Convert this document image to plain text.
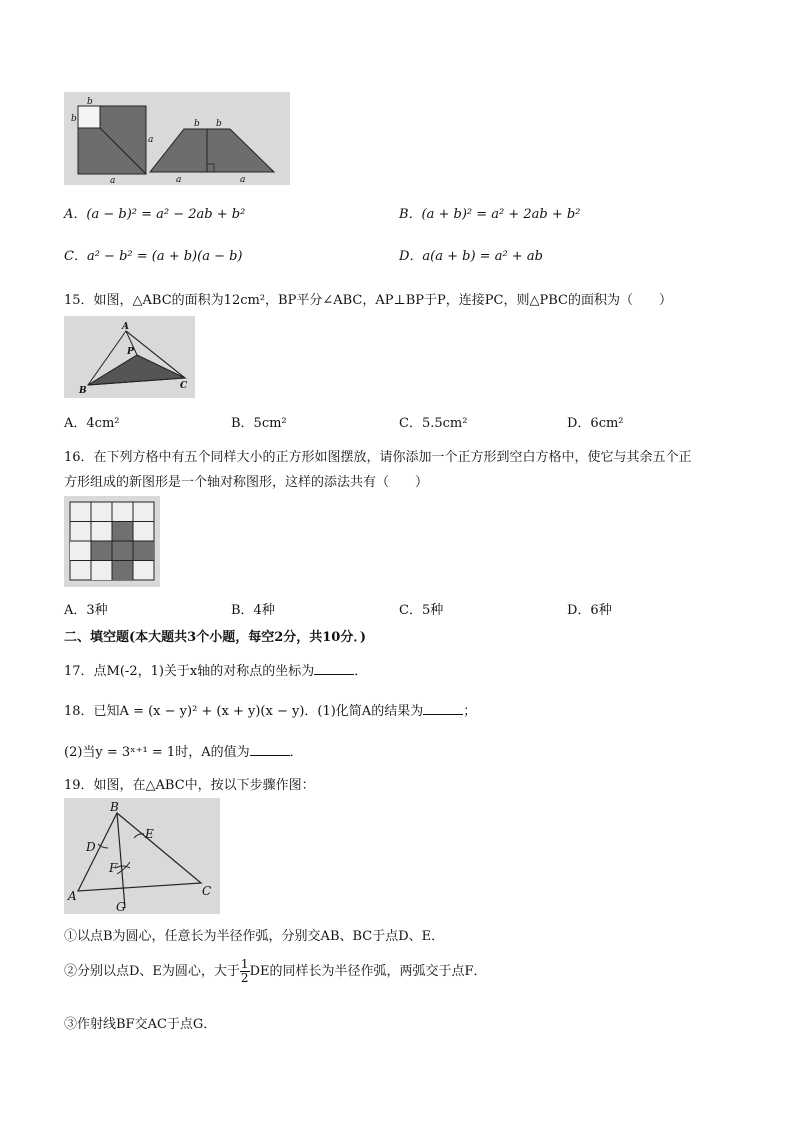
b
b
a
a
b b
a	a
A．(a − b)² = a² − 2ab + b²	B．(a + b)² = a² + 2ab + b²
C．a² − b² = (a + b)(a − b)	D．a(a + b) = a² + ab
15．如图，△ABC的面积为12cm²，BP平分∠ABC，AP⊥BP于P，连接PC，则△PBC的面积为（　　）
A
P
B	C
A．4cm²	B．5cm²	C．5.5cm²	D．6cm²
16．在下列方格中有五个同样大小的正方形如图摆放，请你添加一个正方形到空白方格中，使它与其余五个正
方形组成的新图形是一个轴对称图形，这样的添法共有（　　）
A．3种	B．4种	C．5种	D．6种
二、填空题(本大题共3个小题，每空2分，共10分．)
17．点M(-2，1)关于x轴的对称点的坐标为	．
18．已知A = (x − y)² + (x + y)(x − y)．(1)化简A的结果为	；
(2)当y = 3ˣ⁺¹ = 1时，A的值为	．
19．如图，在△ABC中，按以下步骤作图：
B
E
D
F
A
G
C
①以点B为圆心，任意长为半径作弧，分别交AB、BC于点D、E．
②分别以点D、E为圆心，大于 $\frac{1}{2}$ DE的同样长为半径作弧，两弧交于点F．
③作射线BF交AC于点G．
